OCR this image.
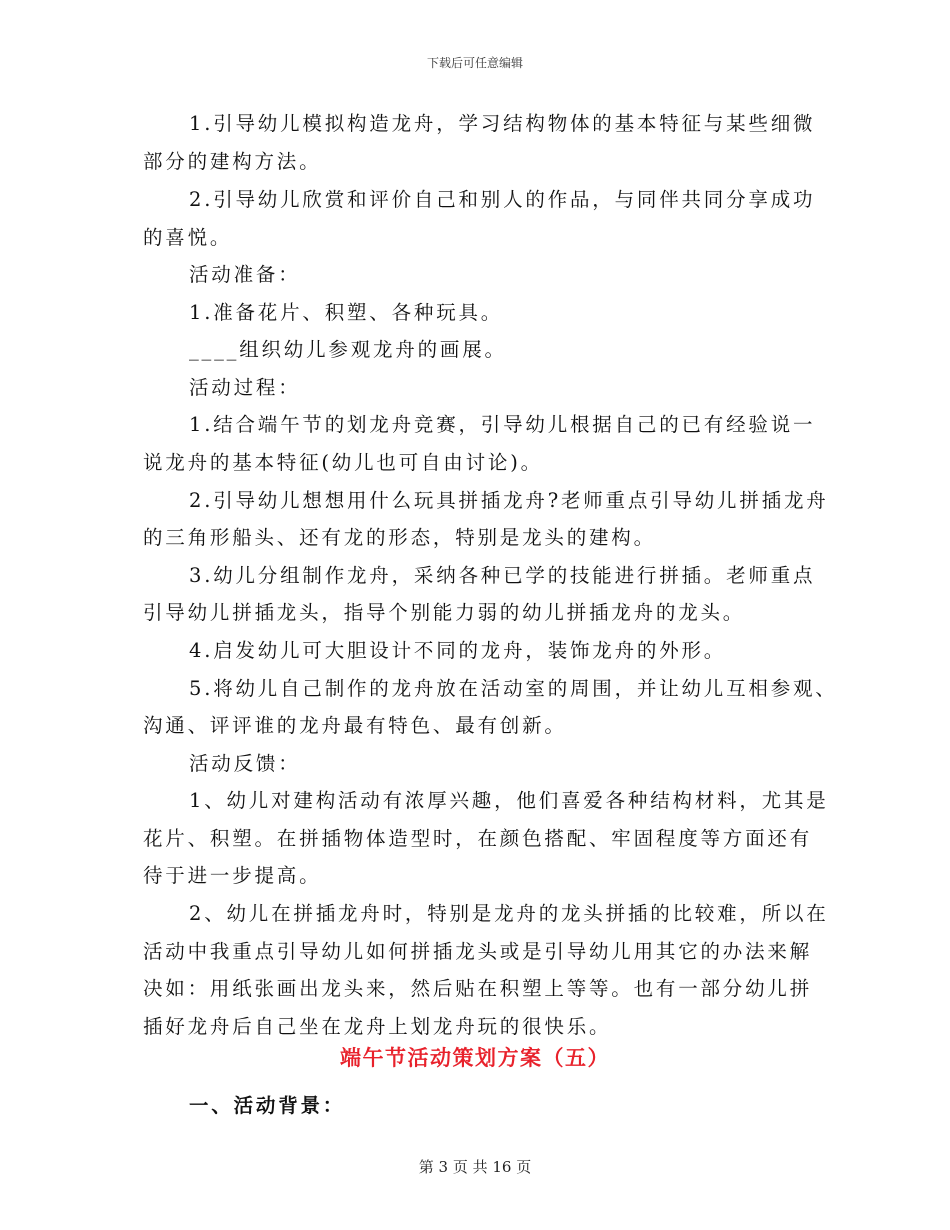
下载后可任意编辑
1.引导幼儿模拟构造龙舟，学习结构物体的基本特征与某些细微
部分的建构方法。
2.引导幼儿欣赏和评价自己和别人的作品，与同伴共同分享成功
的喜悦。
活动准备：
1.准备花片、积塑、各种玩具。
____组织幼儿参观龙舟的画展。
活动过程：
1.结合端午节的划龙舟竞赛，引导幼儿根据自己的已有经验说一
说龙舟的基本特征(幼儿也可自由讨论)。
2.引导幼儿想想用什么玩具拼插龙舟?老师重点引导幼儿拼插龙舟
的三角形船头、还有龙的形态，特别是龙头的建构。
3.幼儿分组制作龙舟，采纳各种已学的技能进行拼插。老师重点
引导幼儿拼插龙头，指导个别能力弱的幼儿拼插龙舟的龙头。
4.启发幼儿可大胆设计不同的龙舟，装饰龙舟的外形。
5.将幼儿自己制作的龙舟放在活动室的周围，并让幼儿互相参观、
沟通、评评谁的龙舟最有特色、最有创新。
活动反馈：
1、幼儿对建构活动有浓厚兴趣，他们喜爱各种结构材料，尤其是
花片、积塑。在拼插物体造型时，在颜色搭配、牢固程度等方面还有
待于进一步提高。
2、幼儿在拼插龙舟时，特别是龙舟的龙头拼插的比较难，所以在
活动中我重点引导幼儿如何拼插龙头或是引导幼儿用其它的办法来解
决如：用纸张画出龙头来，然后贴在积塑上等等。也有一部分幼儿拼
插好龙舟后自己坐在龙舟上划龙舟玩的很快乐。
端午节活动策划方案（五）
一、活动背景：
第 3 页 共 16 页
